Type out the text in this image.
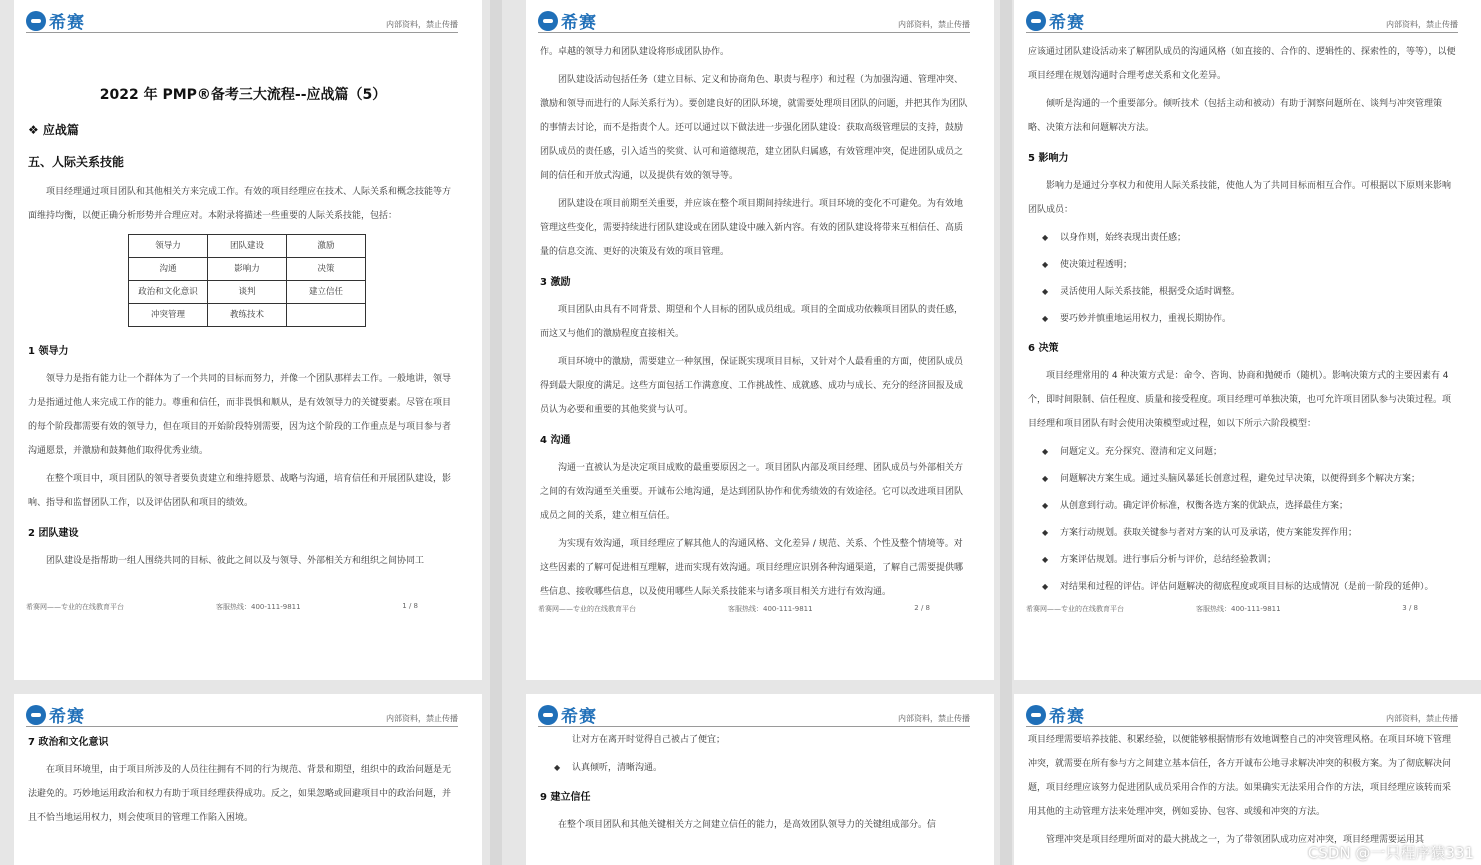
希赛	内部资料，禁止传播
2022 年 PMP®备考三大流程--应战篇（5）
❖ 应战篇
五、人际关系技能

项目经理通过项目团队和其他相关方来完成工作。有效的项目经理应在技术、人际关系和概念技能等方面维持均衡，以便正确分析形势并合理应对。本附录将描述一些重要的人际关系技能，包括：

领导力	团队建设	激励
沟通	影响力	决策
政治和文化意识	谈判	建立信任
冲突管理	教练技术	
1 领导力

领导力是指有能力让一个群体为了一个共同的目标而努力，并像一个团队那样去工作。一般地讲，领导力是指通过他人来完成工作的能力。尊重和信任，而非畏惧和顺从，是有效领导力的关键要素。尽管在项目的每个阶段都需要有效的领导力，但在项目的开始阶段特别需要，因为这个阶段的工作重点是与项目参与者沟通愿景，并激励和鼓舞他们取得优秀业绩。

在整个项目中，项目团队的领导者要负责建立和维持愿景、战略与沟通，培育信任和开展团队建设，影响、指导和监督团队工作，以及评估团队和项目的绩效。

2 团队建设

团队建设是指帮助一组人围绕共同的目标、彼此之间以及与领导、外部相关方和组织之间协同工

希赛网——专业的在线教育平台	客服热线：400-111-9811	1 / 8
希赛	内部资料，禁止传播

作。卓越的领导力和团队建设将形成团队协作。

团队建设活动包括任务（建立目标、定义和协商角色、职责与程序）和过程（为加强沟通、管理冲突、激励和领导而进行的人际关系行为）。要创建良好的团队环境，就需要处理项目团队的问题，并把其作为团队的事情去讨论，而不是指责个人。还可以通过以下做法进一步强化团队建设：获取高级管理层的支持，鼓励团队成员的责任感，引入适当的奖赏、认可和道德规范，建立团队归属感，有效管理冲突，促进团队成员之间的信任和开放式沟通，以及提供有效的领导等。

团队建设在项目前期至关重要，并应该在整个项目期间持续进行。项目环境的变化不可避免。为有效地管理这些变化，需要持续进行团队建设或在团队建设中融入新内容。有效的团队建设将带来互相信任、高质量的信息交流、更好的决策及有效的项目管理。

3 激励

项目团队由具有不同背景、期望和个人目标的团队成员组成。项目的全面成功依赖项目团队的责任感，而这又与他们的激励程度直接相关。

项目环境中的激励，需要建立一种氛围，保证既实现项目目标，又针对个人最看重的方面，使团队成员得到最大限度的满足。这些方面包括工作满意度、工作挑战性、成就感、成功与成长、充分的经济回报及成员认为必要和重要的其他奖赏与认可。

4 沟通

沟通一直被认为是决定项目成败的最重要原因之一。项目团队内部及项目经理、团队成员与外部相关方之间的有效沟通至关重要。开诚布公地沟通，是达到团队协作和优秀绩效的有效途径。它可以改进项目团队成员之间的关系，建立相互信任。

为实现有效沟通，项目经理应了解其他人的沟通风格、文化差异 / 规范、关系、个性及整个情境等。对这些因素的了解可促进相互理解，进而实现有效沟通。项目经理应识别各种沟通渠道，了解自己需要提供哪些信息、接收哪些信息，以及使用哪些人际关系技能来与诸多项目相关方进行有效沟通。

希赛网——专业的在线教育平台	客服热线：400-111-9811	2 / 8
希赛	内部资料，禁止传播

应该通过团队建设活动来了解团队成员的沟通风格（如直接的、合作的、逻辑性的、探索性的，等等），以便项目经理在规划沟通时合理考虑关系和文化差异。

倾听是沟通的一个重要部分。倾听技术（包括主动和被动）有助于洞察问题所在、谈判与冲突管理策略、决策方法和问题解决方法。

5 影响力

影响力是通过分享权力和使用人际关系技能，使他人为了共同目标而相互合作。可根据以下原则来影响团队成员：

◆ 以身作则，始终表现出责任感；
◆ 使决策过程透明；
◆ 灵活使用人际关系技能，根据受众适时调整。
◆ 要巧妙并慎重地运用权力，重视长期协作。
6 决策

项目经理常用的 4 种决策方式是：命令、咨询、协商和抛硬币（随机）。影响决策方式的主要因素有 4 个，即时间限制、信任程度、质量和接受程度。项目经理可单独决策，也可允许项目团队参与决策过程。项目经理和项目团队有时会使用决策模型或过程，如以下所示六阶段模型：

◆ 问题定义。充分探究、澄清和定义问题；
◆ 问题解决方案生成。通过头脑风暴延长创意过程，避免过早决策，以便得到多个解决方案；
◆ 从创意到行动。确定评价标准，权衡各选方案的优缺点，选择最佳方案；
◆ 方案行动规划。获取关键参与者对方案的认可及承诺，使方案能发挥作用；
◆ 方案评估规划。进行事后分析与评价，总结经验教训；
◆ 对结果和过程的评估。评估问题解决的彻底程度或项目目标的达成情况（是前一阶段的延伸）。
希赛网——专业的在线教育平台	客服热线：400-111-9811	3 / 8
希赛	内部资料，禁止传播
7 政治和文化意识

在项目环境里，由于项目所涉及的人员往往拥有不同的行为规范、背景和期望，组织中的政治问题是无法避免的。巧妙地运用政治和权力有助于项目经理获得成功。反之，如果忽略或回避项目中的政治问题，并且不恰当地运用权力，则会使项目的管理工作陷入困境。

希赛	内部资料，禁止传播

让对方在离开时觉得自己被占了便宜；

◆ 认真倾听，清晰沟通。
9 建立信任

在整个项目团队和其他关键相关方之间建立信任的能力，是高效团队领导力的关键组成部分。信

希赛	内部资料，禁止传播

项目经理需要培养技能、积累经验，以便能够根据情形有效地调整自己的冲突管理风格。在项目环境下管理冲突，就需要在所有参与方之间建立基本信任，各方开诚布公地寻求解决冲突的积极方案。为了彻底解决问题，项目经理应该努力促进团队成员采用合作的方法。如果确实无法采用合作的方法，项目经理应该转而采用其他的主动管理方法来处理冲突，例如妥协、包容、或缓和冲突的方法。

管理冲突是项目经理所面对的最大挑战之一，为了带领团队成功应对冲突，项目经理需要运用其

CSDN @一只程序猿331
